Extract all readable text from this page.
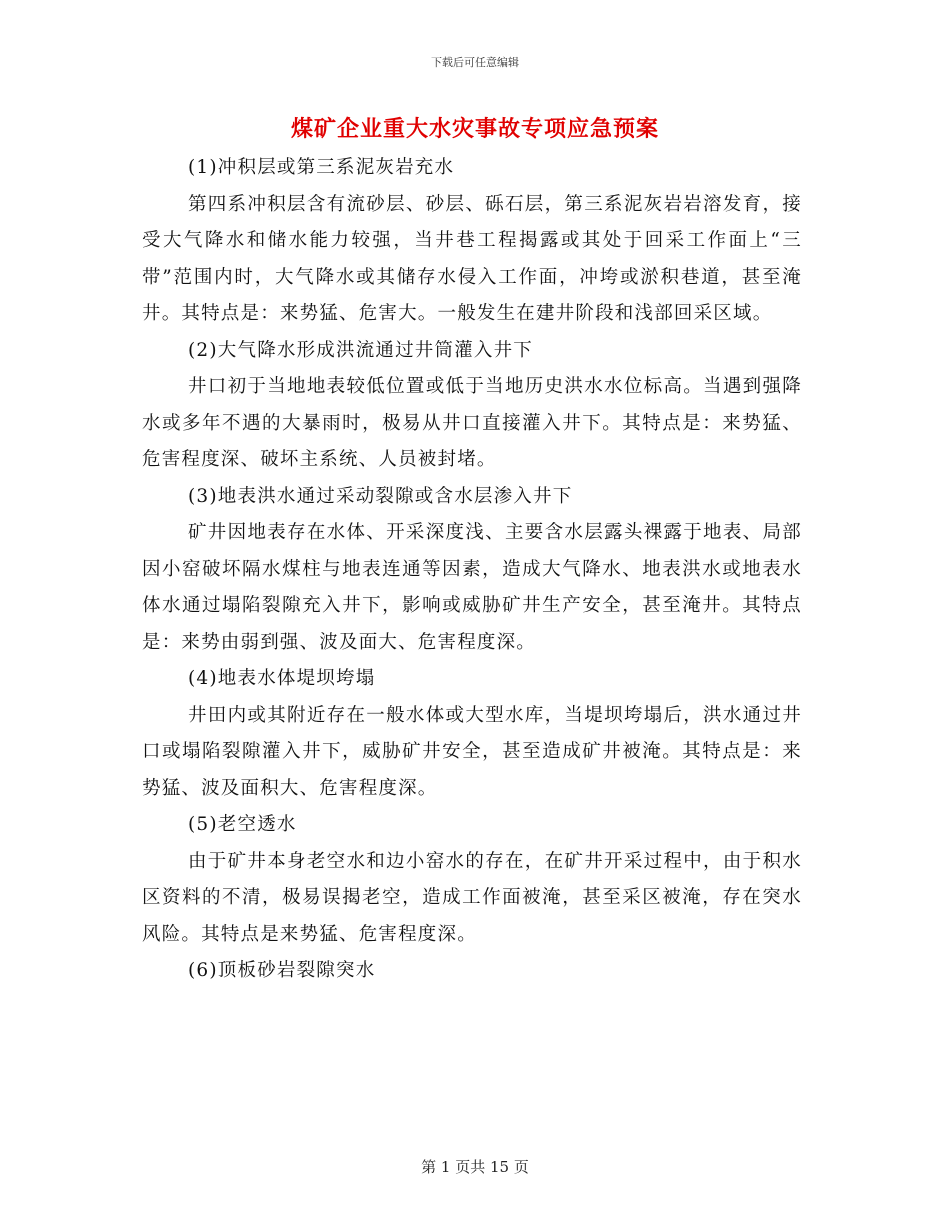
下载后可任意编辑
煤矿企业重大水灾事故专项应急预案

(1)冲积层或第三系泥灰岩充水

第四系冲积层含有流砂层、砂层、砾石层，第三系泥灰岩岩溶发育，接受大气降水和储水能力较强，当井巷工程揭露或其处于回采工作面上“三带”范围内时，大气降水或其储存水侵入工作面，冲垮或淤积巷道，甚至淹井。其特点是：来势猛、危害大。一般发生在建井阶段和浅部回采区域。

(2)大气降水形成洪流通过井筒灌入井下

井口初于当地地表较低位置或低于当地历史洪水水位标高。当遇到强降水或多年不遇的大暴雨时，极易从井口直接灌入井下。其特点是：来势猛、危害程度深、破坏主系统、人员被封堵。

(3)地表洪水通过采动裂隙或含水层渗入井下

矿井因地表存在水体、开采深度浅、主要含水层露头裸露于地表、局部因小窑破坏隔水煤柱与地表连通等因素，造成大气降水、地表洪水或地表水体水通过塌陷裂隙充入井下，影响或威胁矿井生产安全，甚至淹井。其特点是：来势由弱到强、波及面大、危害程度深。

(4)地表水体堤坝垮塌

井田内或其附近存在一般水体或大型水库，当堤坝垮塌后，洪水通过井口或塌陷裂隙灌入井下，威胁矿井安全，甚至造成矿井被淹。其特点是：来势猛、波及面积大、危害程度深。

(5)老空透水

由于矿井本身老空水和边小窑水的存在，在矿井开采过程中，由于积水区资料的不清，极易误揭老空，造成工作面被淹，甚至采区被淹，存在突水风险。其特点是来势猛、危害程度深。

(6)顶板砂岩裂隙突水

第 1 页共 15 页
